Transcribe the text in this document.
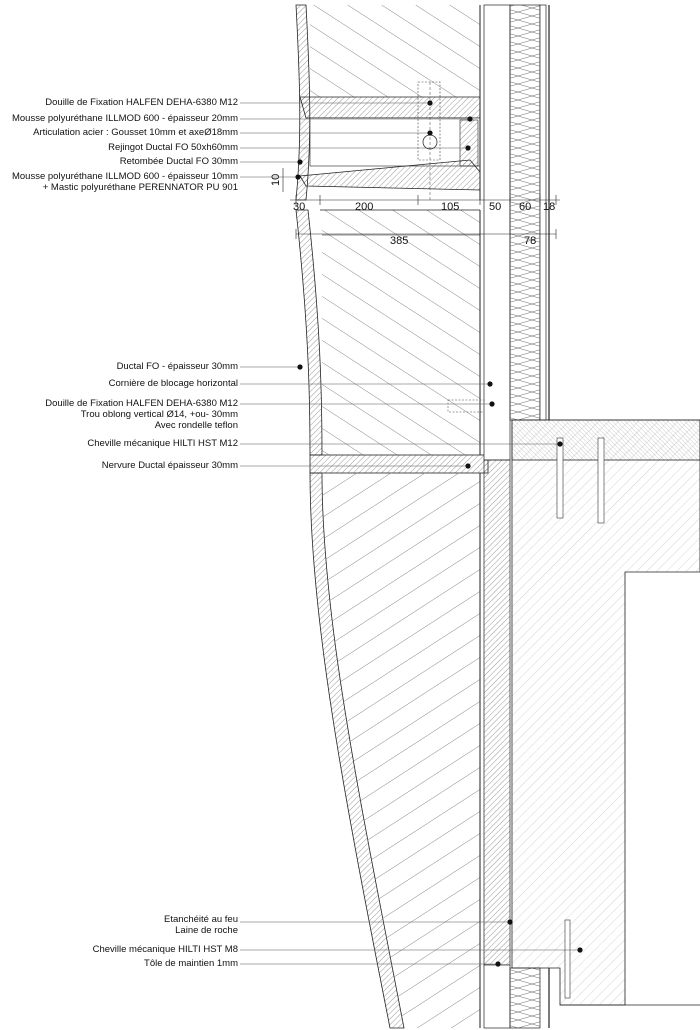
Douille de Fixation HALFEN DEHA-6380 M12
Mousse polyuréthane ILLMOD 600 - épaisseur 20mm
Articulation acier : Gousset 10mm et axeØ18mm
Rejingot Ductal FO 50xh60mm
Retombée Ductal FO 30mm
Mousse polyuréthane ILLMOD 600 - épaisseur 10mm
+ Mastic polyuréthane PERENNATOR PU 901
Ductal FO - épaisseur 30mm
Cornière de blocage horizontal
Douille de Fixation HALFEN DEHA-6380 M12
Trou oblong vertical Ø14, +ou- 30mm
Avec rondelle teflon
Cheville mécanique HILTI HST M12
Nervure Ductal épaisseur 30mm
Etanchéité au feu
Laine de roche
Cheville mécanique HILTI HST M8
Tôle de maintien 1mm
30	200	105	50 60 18
385	78
10
